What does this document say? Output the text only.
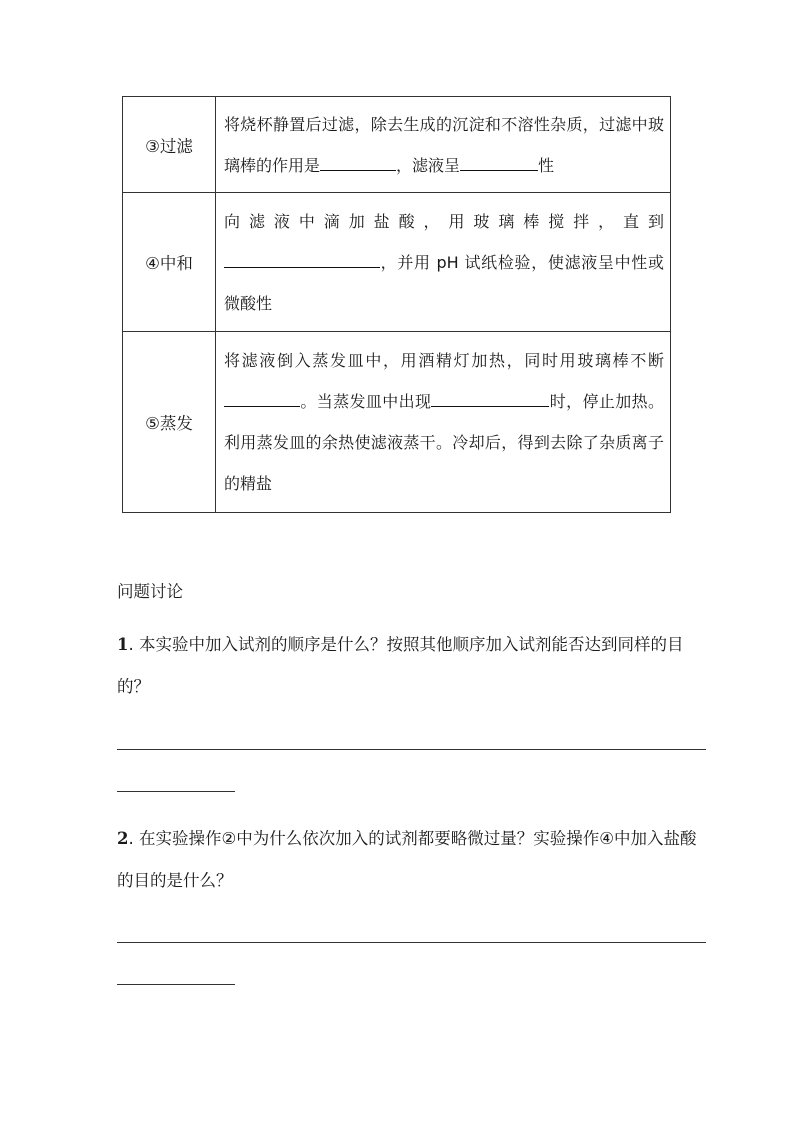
③过滤	将烧杯静置后过滤，除去生成的沉淀和不溶性杂质，过滤中玻璃棒的作用是 ，滤液呈 性
④中和	向滤液中滴加盐酸，用玻璃棒搅拌，直到，并用 pH 试纸检验，使滤液呈中性或微酸性
⑤蒸发	将滤液倒入蒸发皿中，用酒精灯加热，同时用玻璃棒不断。当蒸发皿中出现 时，停止加热。利用蒸发皿的余热使滤液蒸干。冷却后，得到去除了杂质离子的精盐
问题讨论
1. 本实验中加入试剂的顺序是什么？按照其他顺序加入试剂能否达到同样的目的？
2. 在实验操作②中为什么依次加入的试剂都要略微过量？实验操作④中加入盐酸的目的是什么？
